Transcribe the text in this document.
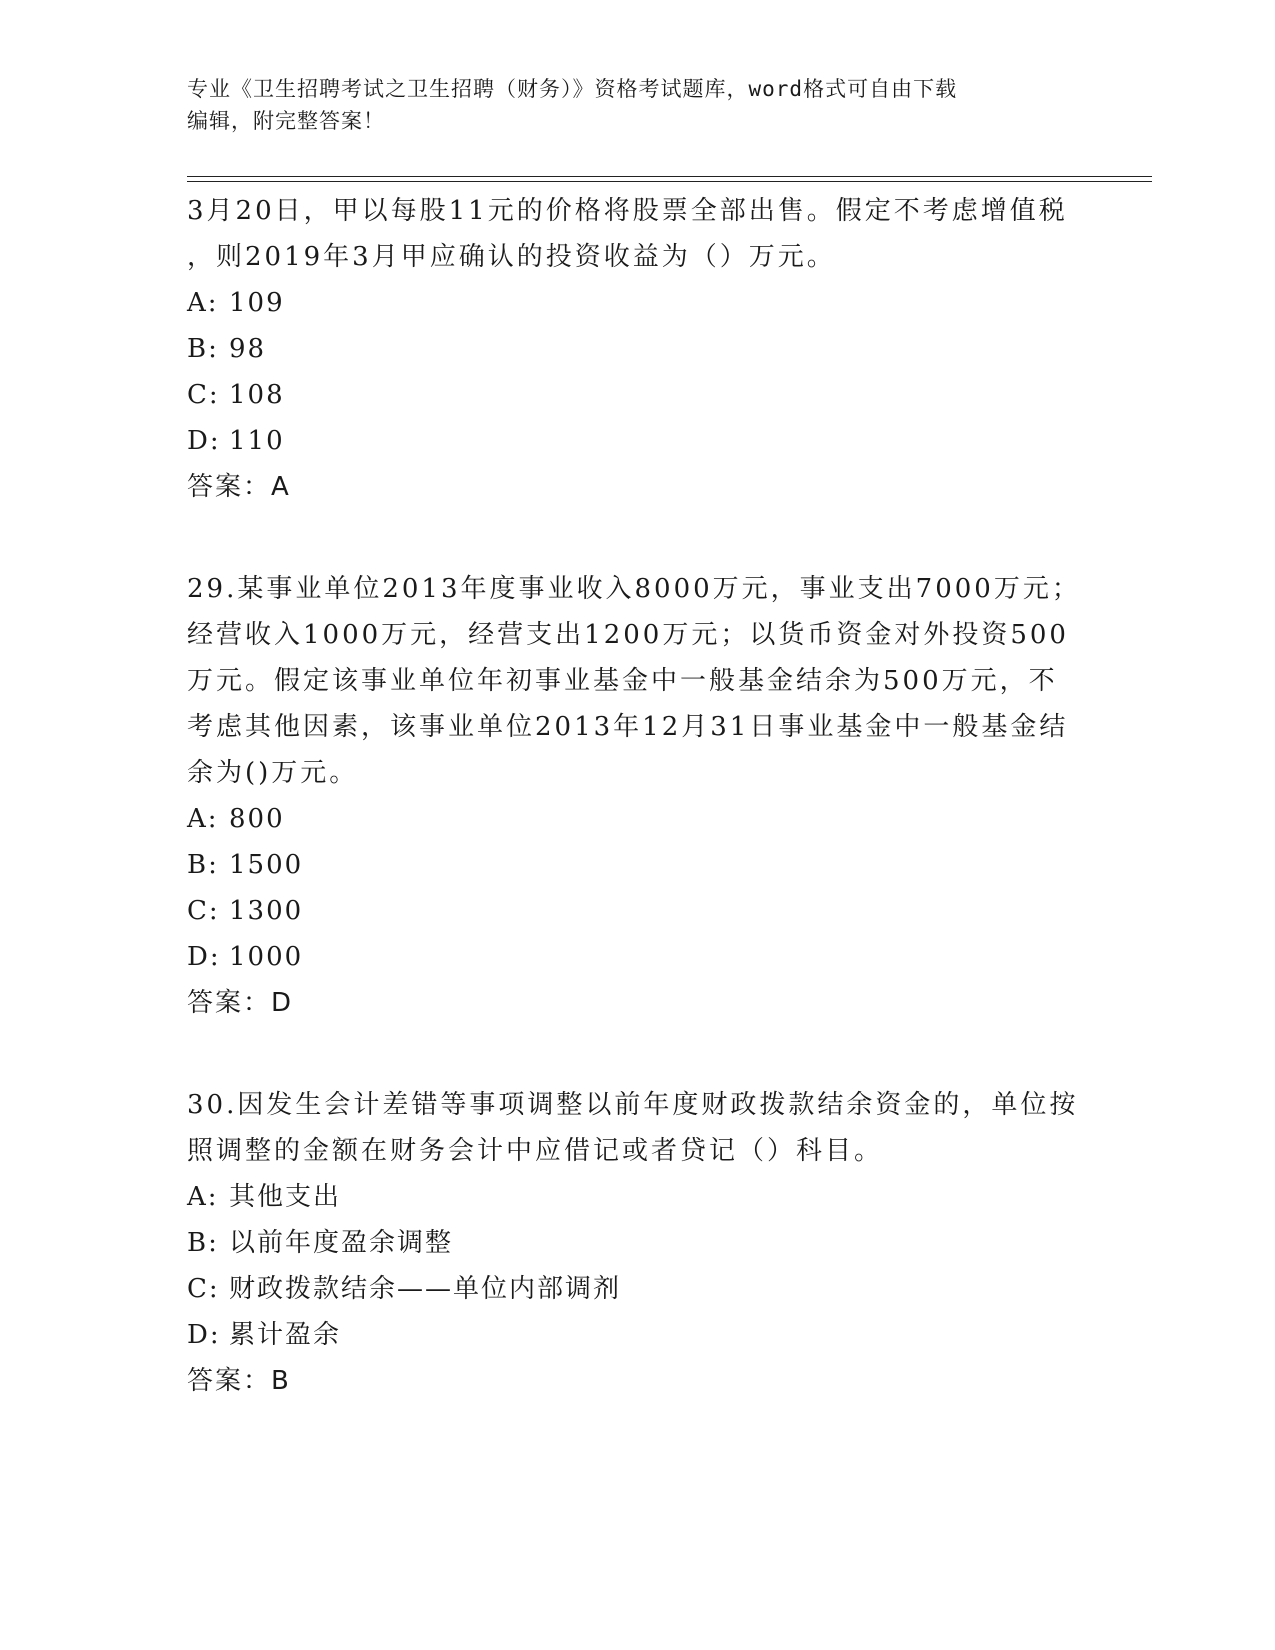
专业《卫生招聘考试之卫生招聘（财务）》资格考试题库，word格式可自由下载
编辑，附完整答案！
3月20日，甲以每股11元的价格将股票全部出售。假定不考虑增值税
，则2019年3月甲应确认的投资收益为（）万元。
A: 109
B: 98
C: 108
D: 110
答案：A
29.某事业单位2013年度事业收入8000万元，事业支出7000万元；
经营收入1000万元，经营支出1200万元；以货币资金对外投资500
万元。假定该事业单位年初事业基金中一般基金结余为500万元，不
考虑其他因素，该事业单位2013年12月31日事业基金中一般基金结
余为()万元。
A: 800
B: 1500
C: 1300
D: 1000
答案：D
30.因发生会计差错等事项调整以前年度财政拨款结余资金的，单位按
照调整的金额在财务会计中应借记或者贷记（）科目。
A: 其他支出
B: 以前年度盈余调整
C: 财政拨款结余——单位内部调剂
D: 累计盈余
答案：B
